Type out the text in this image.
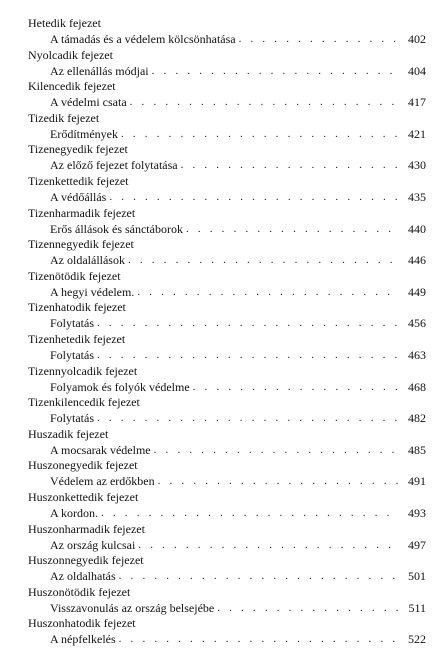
Hetedik fejezet
A támadás és a védelem kölcsönhatása . . .	402
Nyolcadik fejezet
Az ellenállás módjai . . .	404
Kilencedik fejezet
A védelmi csata . . .	417
Tizedik fejezet
Erődítmények . . .	421
Tizenegyedik fejezet
Az előző fejezet folytatása . . .	430
Tizenkettedik fejezet
A védőállás . . .	435
Tizenharmadik fejezet
Erős állások és sánctáborok . . .	440
Tizennegyedik fejezet
Az oldalállások . . .	446
Tizenötödik fejezet
A hegyi védelem. . . .	449
Tizenhatodik fejezet
Folytatás . . .	456
Tizenhetedik fejezet
Folytatás . . .	463
Tizennyolcadik fejezet
Folyamok és folyók védelme . . .	468
Tizenkilencedik fejezet
Folytatás . . .	482
Huszadik fejezet
A mocsarak védelme . . .	485
Huszonegyedik fejezet
Védelem az erdőkben . . .	491
Huszonkettedik fejezet
A kordon. . . .	493
Huszonharmadik fejezet
Az ország kulcsai . . .	497
Huszonnegyedik fejezet
Az oldalhatás . . .	501
Huszonötödik fejezet
Visszavonulás az ország belsejébe . . .	511
Huszonhatodik fejezet
A népfelkelés . . .	522
